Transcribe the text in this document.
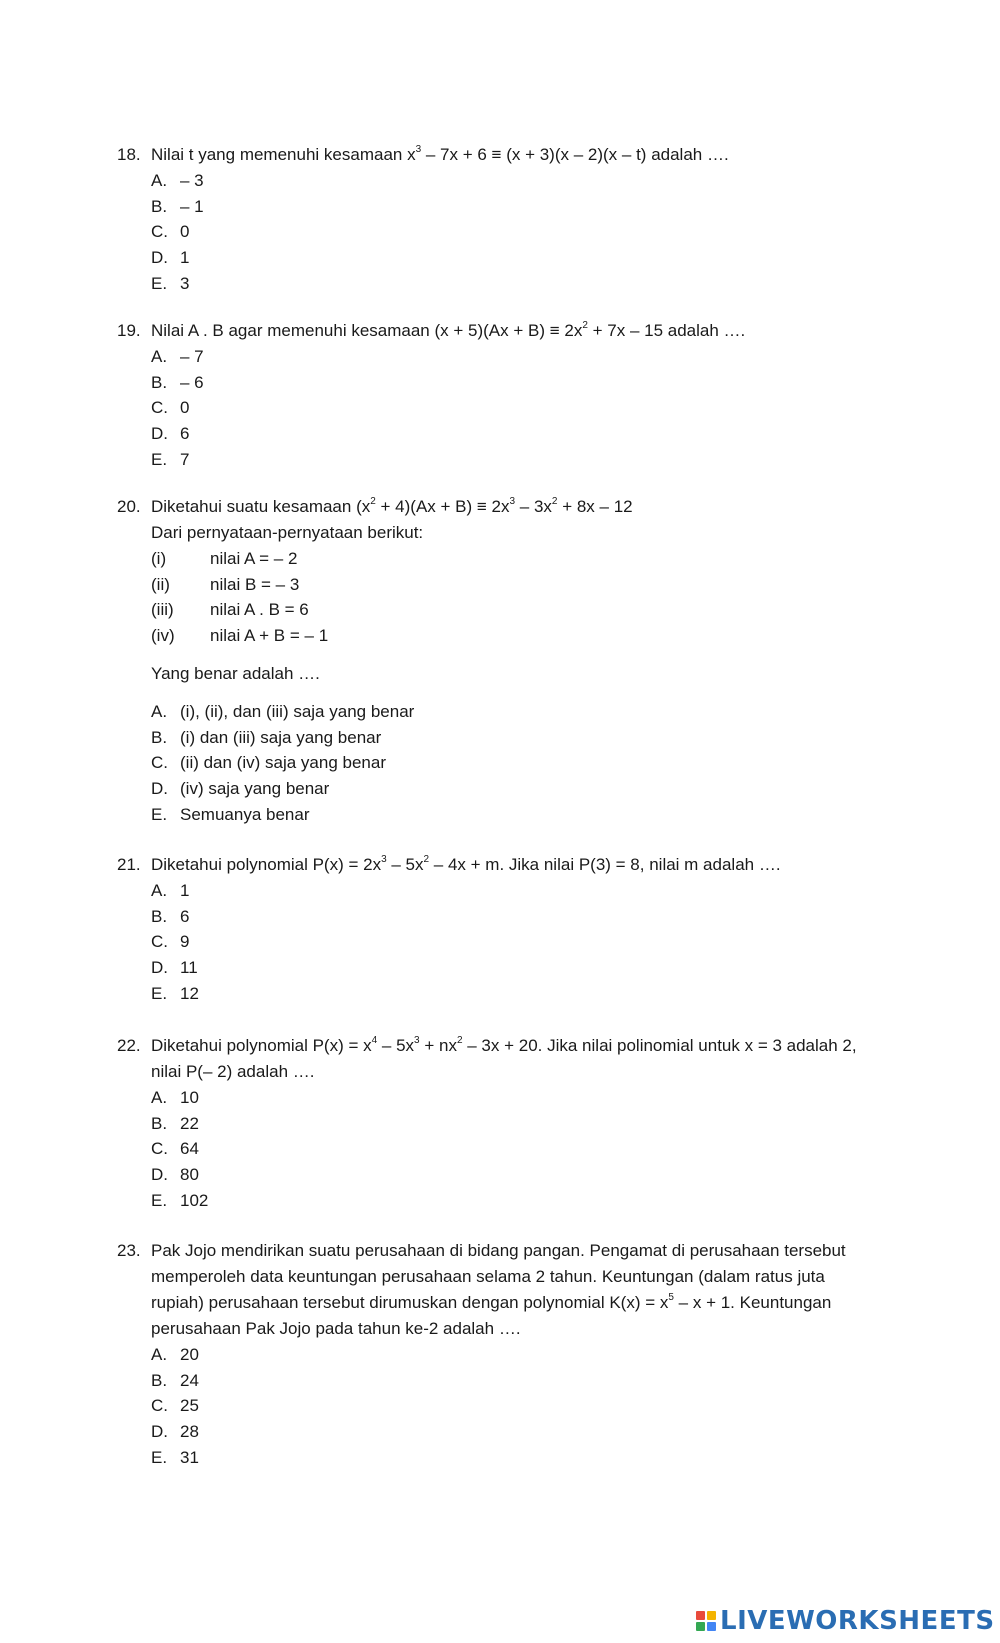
18. Nilai t yang memenuhi kesamaan $x^3 - 7x + 6 \equiv (x + 3)(x - 2)(x - t)$ adalah ….
A. – 3
B. – 1
C. 0
D. 1
E. 3
19. Nilai A . B agar memenuhi kesamaan $(x + 5)(Ax + B) \equiv 2x^2 + 7x - 15$ adalah ….
A. – 7
B. – 6
C. 0
D. 6
E. 7
20. Diketahui suatu kesamaan $(x^2 + 4)(Ax + B) \equiv 2x^3 - 3x^2 + 8x - 12$
Dari pernyataan-pernyataan berikut:
(i)	nilai A = – 2
(ii) nilai B = – 3
(iii) nilai A . B = 6
(iv) nilai A + B = – 1
Yang benar adalah ….
A. (i), (ii), dan (iii) saja yang benar
B. (i) dan (iii) saja yang benar
C. (ii) dan (iv) saja yang benar
D. (iv) saja yang benar
E. Semuanya benar
21. Diketahui polynomial $P(x) = 2x^3 - 5x^2 - 4x + m$. Jika nilai P(3) = 8, nilai m adalah ….
A. 1
B. 6
C. 9
D. 11
E. 12
22. Diketahui polynomial $P(x) = x^4 - 5x^3 + nx^2 - 3x + 20$. Jika nilai polinomial untuk x = 3 adalah 2,
nilai P(– 2) adalah ….
A. 10
B. 22
C. 64
D. 80
E. 102
23. Pak Jojo mendirikan suatu perusahaan di bidang pangan. Pengamat di perusahaan tersebut
memperoleh data keuntungan perusahaan selama 2 tahun. Keuntungan (dalam ratus juta
rupiah) perusahaan tersebut dirumuskan dengan polynomial $K(x) = x^5 - x + 1$. Keuntungan
perusahaan Pak Jojo pada tahun ke-2 adalah ….
A. 20
B. 24
C. 25
D. 28
E. 31
LIVEWORKSHEETS
